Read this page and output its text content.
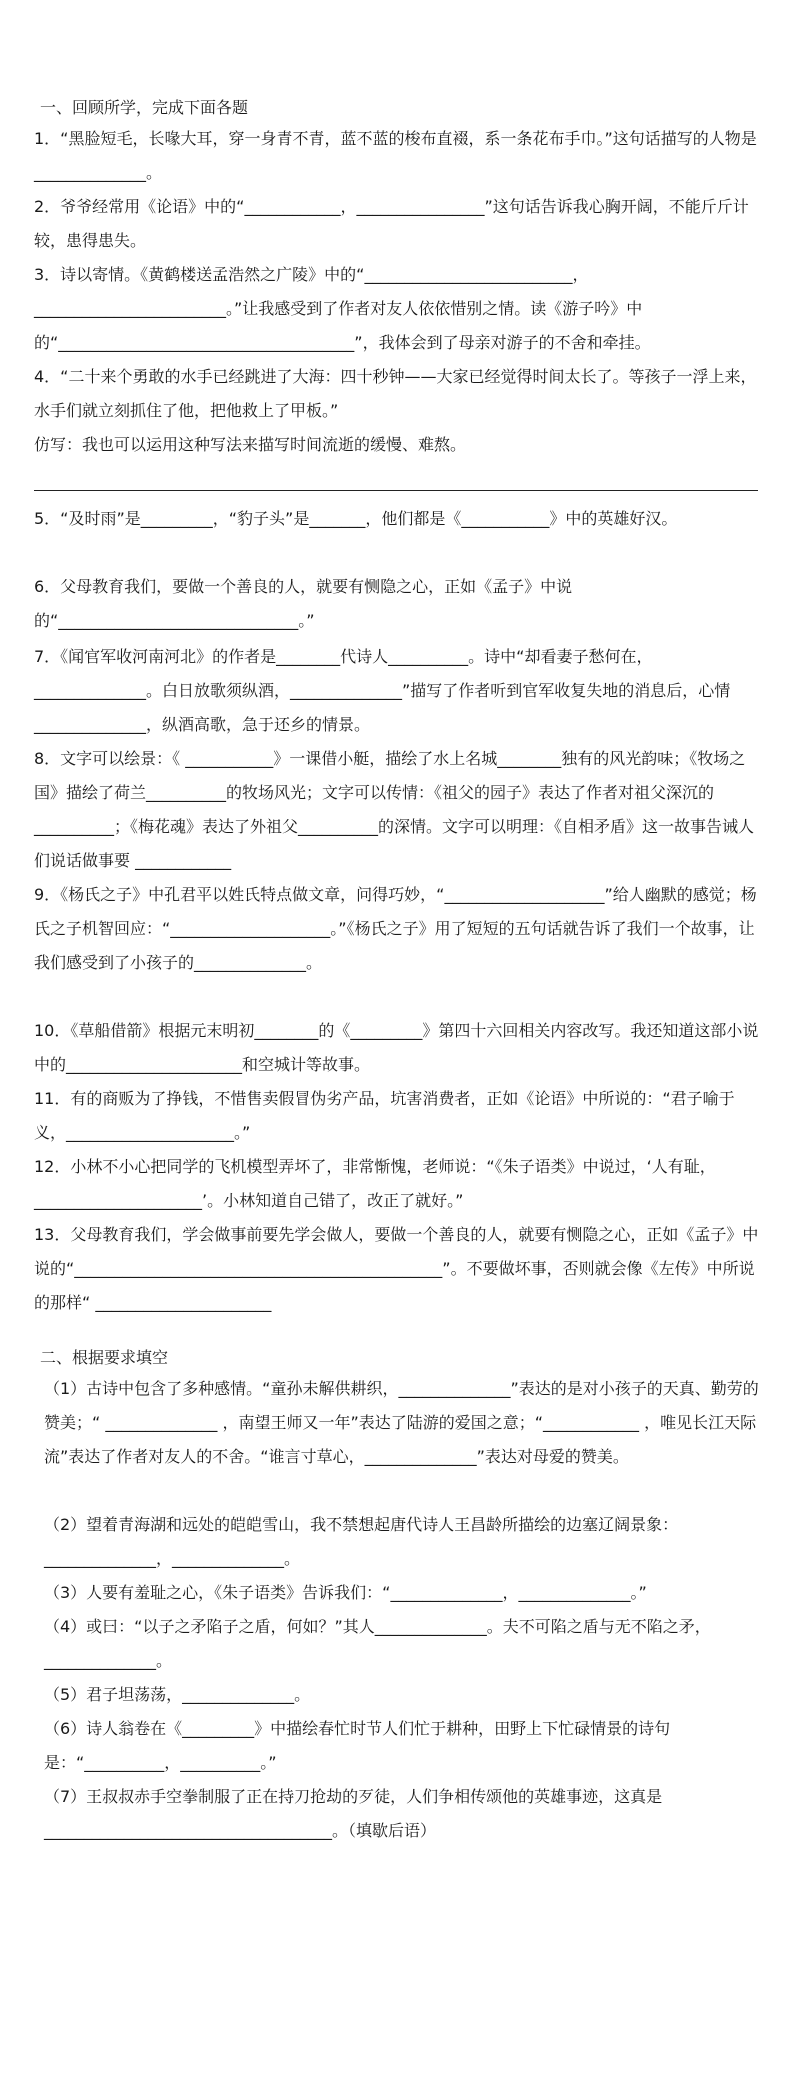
一、回顾所学，完成下面各题

1．“黑脸短毛，长喙大耳，穿一身青不青，蓝不蓝的梭布直裰，系一条花布手巾。”这句话描写的人物是______________。

2．爷爷经常用《论语》中的“____________，________________”这句话告诉我心胸开阔，不能斤斤计较，患得患失。

3．诗以寄情。《黄鹤楼送孟浩然之广陵》中的“__________________________，________________________。”让我感受到了作者对友人依依惜别之情。读《游子吟》中的“_____________________________________”，我体会到了母亲对游子的不舍和牵挂。

4．“二十来个勇敢的水手已经跳进了大海：四十秒钟——大家已经觉得时间太长了。等孩子一浮上来，水手们就立刻抓住了他，把他救上了甲板。”

仿写：我也可以运用这种写法来描写时间流逝的缓慢、难熬。

5．“及时雨”是_________，“豹子头”是_______，他们都是《___________》中的英雄好汉。

6．父母教育我们，要做一个善良的人，就要有恻隐之心，正如《孟子》中说的“______________________________。”

7．《闻官军收河南河北》的作者是________代诗人__________。诗中“却看妻子愁何在，______________。白日放歌须纵酒，______________”描写了作者听到官军收复失地的消息后，心情______________，纵酒高歌，急于还乡的情景。

8．文字可以绘景：《 ___________》一课借小艇，描绘了水上名城________独有的风光韵味；《牧场之国》描绘了荷兰__________的牧场风光；文字可以传情：《祖父的园子》表达了作者对祖父深沉的__________；《梅花魂》表达了外祖父__________的深情。文字可以明理：《自相矛盾》这一故事告诫人们说话做事要 ____________

9．《杨氏之子》中孔君平以姓氏特点做文章，问得巧妙，“____________________”给人幽默的感觉；杨氏之子机智回应：“____________________。”《杨氏之子》用了短短的五句话就告诉了我们一个故事，让我们感受到了小孩子的______________。

10．《草船借箭》根据元末明初________的《_________》第四十六回相关内容改写。我还知道这部小说中的______________________和空城计等故事。

11．有的商贩为了挣钱，不惜售卖假冒伪劣产品，坑害消费者，正如《论语》中所说的：“君子喻于义，_____________________。”

12．小林不小心把同学的飞机模型弄坏了，非常惭愧，老师说：“《朱子语类》中说过，‘人有耻，_____________________’。小林知道自己错了，改正了就好。”

13．父母教育我们，学会做事前要先学会做人，要做一个善良的人，就要有恻隐之心，正如《孟子》中说的“______________________________________________”。不要做坏事，否则就会像《左传》中所说的那样“ ______________________

二、根据要求填空

（1）古诗中包含了多种感情。“童孙未解供耕织，______________”表达的是对小孩子的天真、勤劳的赞美；“ ______________ ，南望王师又一年”表达了陆游的爱国之意；“____________ ，唯见长江天际流”表达了作者对友人的不舍。“谁言寸草心，______________”表达对母爱的赞美。

（2）望着青海湖和远处的皑皑雪山，我不禁想起唐代诗人王昌龄所描绘的边塞辽阔景象：______________，______________。

（3）人要有羞耻之心，《朱子语类》告诉我们：“______________，______________。”

（4）或曰：“以子之矛陷子之盾，何如？”其人______________。夫不可陷之盾与无不陷之矛，______________。

（5）君子坦荡荡，______________。

（6）诗人翁卷在《_________》中描绘春忙时节人们忙于耕种，田野上下忙碌情景的诗句是：“__________，__________。”

（7）王叔叔赤手空拳制服了正在持刀抢劫的歹徒，人们争相传颂他的英雄事迹，这真是____________________________________。（填歇后语）
